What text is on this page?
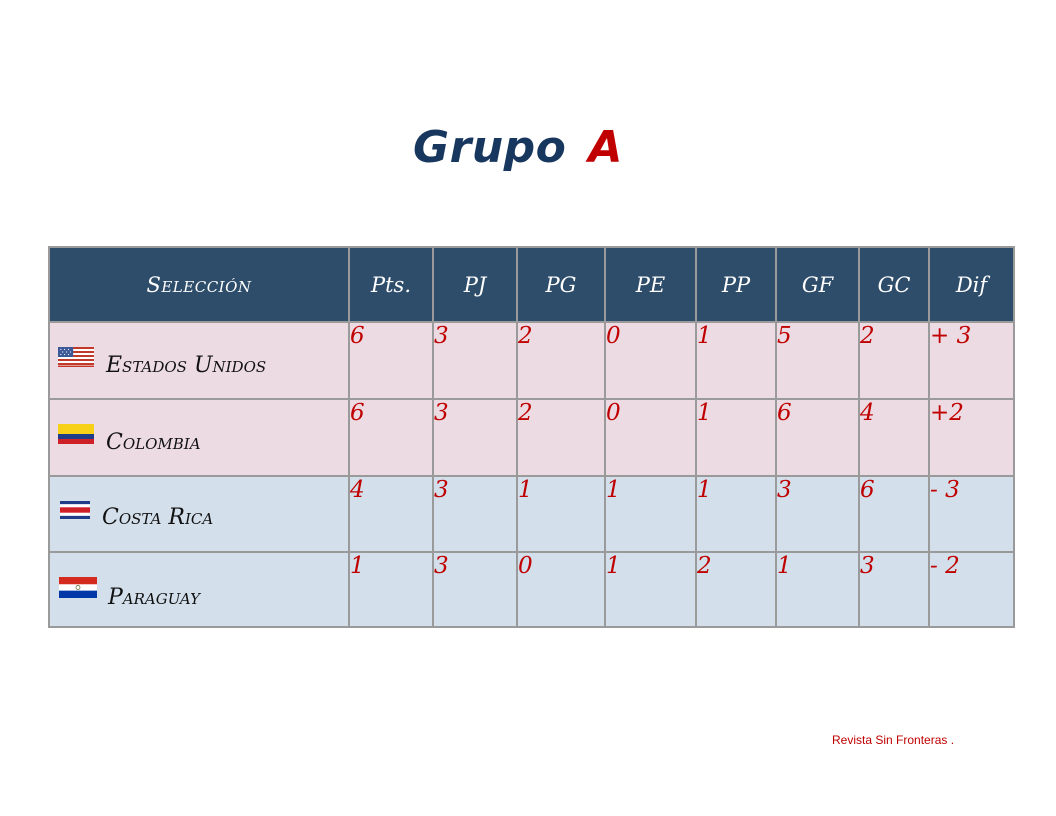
Grupo A
Selección	Pts.	PJ	PG	PE	PP	GF	GC	Dif

Estados Unidos	6	3	2	0	1	5	2	+ 3

Colombia	6	3	2	0	1	6	4	+2

Costa Rica	4	3	1	1	1	3	6	- 3

Paraguay	1	3	0	1	2	1	3	- 2
Revista Sin Fronteras .
